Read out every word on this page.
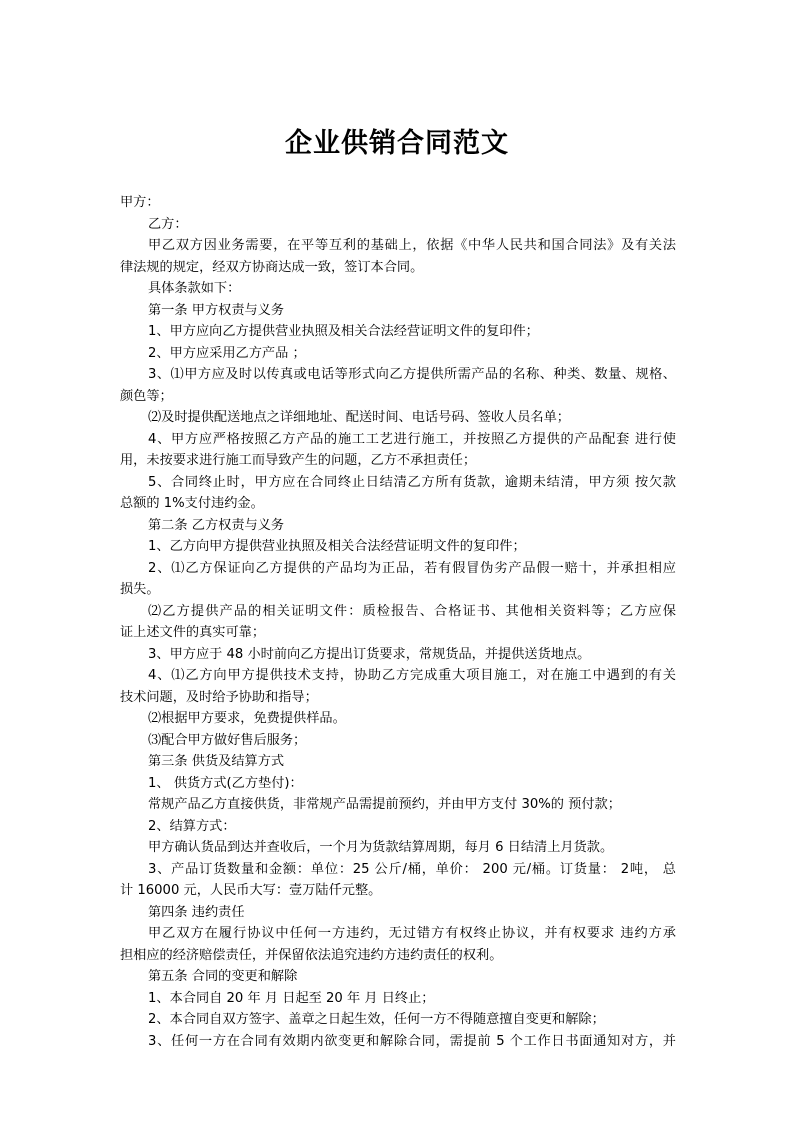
企业供销合同范文
甲方：
乙方：
甲乙双方因业务需要，在平等互利的基础上，依据《中华人民共和国合同法》及有关法
律法规的规定，经双方协商达成一致，签订本合同。
具体条款如下：
第一条 甲方权责与义务
1、甲方应向乙方提供营业执照及相关合法经营证明文件的复印件；
2、甲方应采用乙方产品 ；
3、⑴甲方应及时以传真或电话等形式向乙方提供所需产品的名称、种类、数量、规格、
颜色等；
⑵及时提供配送地点之详细地址、配送时间、电话号码、签收人员名单；
4、甲方应严格按照乙方产品的施工工艺进行施工，并按照乙方提供的产品配套 进行使
用，未按要求进行施工而导致产生的问题，乙方不承担责任；
5、合同终止时，甲方应在合同终止日结清乙方所有货款，逾期未结清，甲方须 按欠款
总额的 1%支付违约金。
第二条 乙方权责与义务
1、乙方向甲方提供营业执照及相关合法经营证明文件的复印件；
2、⑴乙方保证向乙方提供的产品均为正品，若有假冒伪劣产品假一赔十，并承担相应
损失。
⑵乙方提供产品的相关证明文件：质检报告、合格证书、其他相关资料等；乙方应保
证上述文件的真实可靠；
3、甲方应于 48 小时前向乙方提出订货要求，常规货品，并提供送货地点。
4、⑴乙方向甲方提供技术支持，协助乙方完成重大项目施工，对在施工中遇到的有关
技术问题，及时给予协助和指导；
⑵根据甲方要求，免费提供样品。
⑶配合甲方做好售后服务；
第三条 供货及结算方式
1、 供货方式(乙方垫付)：
常规产品乙方直接供货，非常规产品需提前预约，并由甲方支付 30%的 预付款；
2、结算方式：
甲方确认货品到达并查收后，一个月为货款结算周期，每月 6 日结清上月货款。
3、产品订货数量和金额：单位：25 公斤/桶，单价： 200 元/桶。订货量： 2吨， 总
计 16000 元，人民币大写：壹万陆仟元整。
第四条 违约责任
甲乙双方在履行协议中任何一方违约，无过错方有权终止协议，并有权要求 违约方承
担相应的经济赔偿责任，并保留依法追究违约方违约责任的权利。
第五条 合同的变更和解除
1、本合同自 20 年 月 日起至 20 年 月 日终止；
2、本合同自双方签字、盖章之日起生效，任何一方不得随意擅自变更和解除；
3、任何一方在合同有效期内欲变更和解除合同，需提前 5 个工作日书面通知对方，并
